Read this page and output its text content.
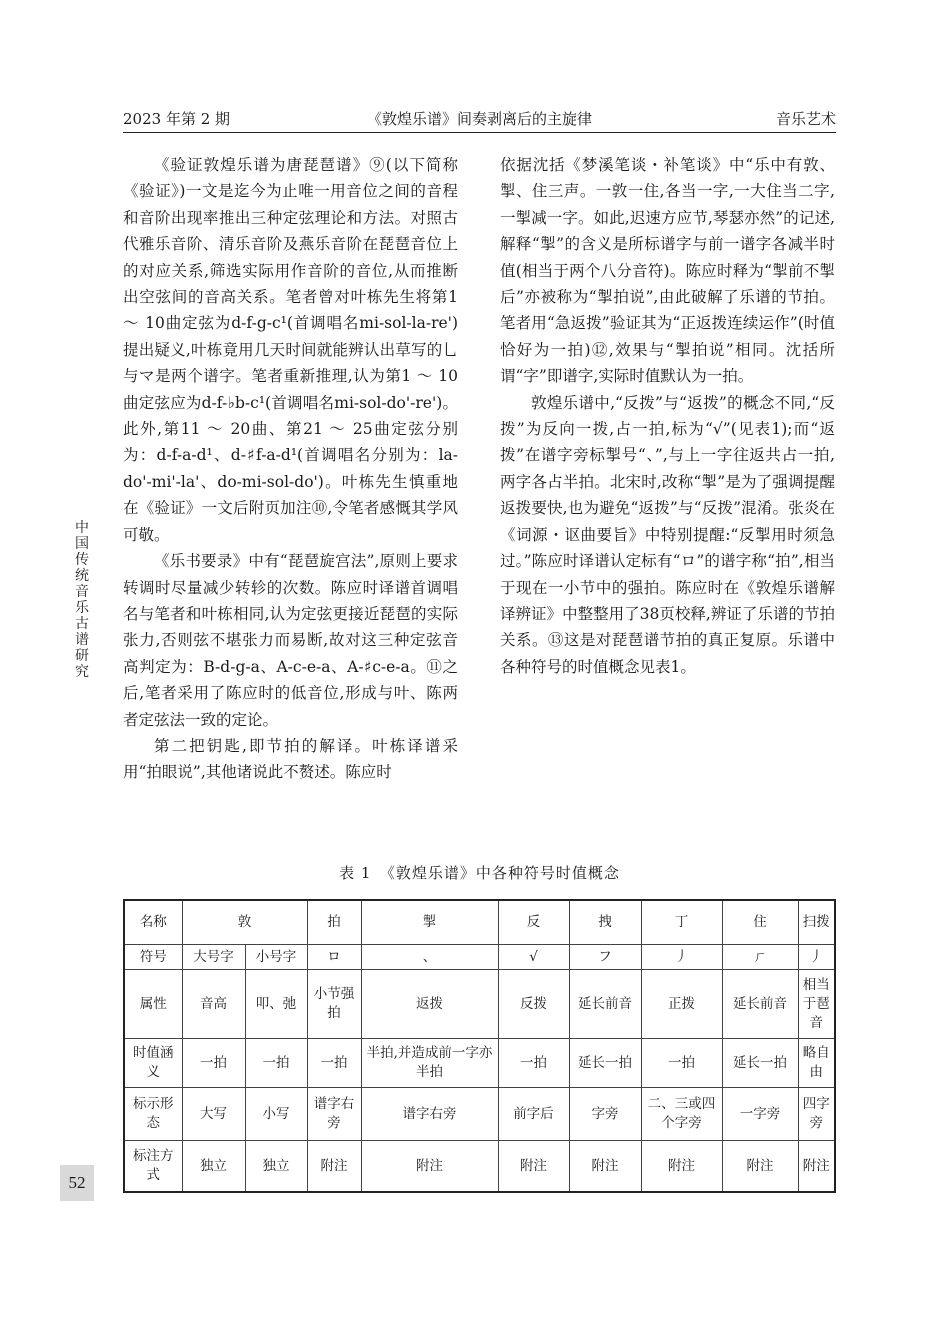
2023 年第 2 期	《敦煌乐谱》间奏剥离后的主旋律	音乐艺术
中国传统音乐古谱研究
52

《验证敦煌乐谱为唐琵琶谱》⑨(以下简称《验证》)一文是迄今为止唯一用音位之间的音程和音阶出现率推出三种定弦理论和方法。对照古代雅乐音阶、清乐音阶及燕乐音阶在琵琶音位上的对应关系,筛选实际用作音阶的音位,从而推断出空弦间的音高关系。笔者曾对叶栋先生将第1 ～ 10曲定弦为d-f-g-c¹(首调唱名mi-sol-la-re')提出疑义,叶栋竟用几天时间就能辨认出草写的乚与マ是两个谱字。笔者重新推理,认为第1 ～ 10曲定弦应为d-f-♭b-c¹(首调唱名mi-sol-do'-re')。此外,第11 ～ 20曲、第21 ～ 25曲定弦分别为：d-f-a-d¹、d-♯f-a-d¹(首调唱名分别为：la-do'-mi'-la'、do-mi-sol-do')。叶栋先生慎重地在《验证》一文后附页加注⑩,令笔者感慨其学风可敬。

《乐书要录》中有“琵琶旋宫法”,原则上要求转调时尽量减少转轸的次数。陈应时译谱首调唱名与笔者和叶栋相同,认为定弦更接近琵琶的实际张力,否则弦不堪张力而易断,故对这三种定弦音高判定为：B-d-g-a、A-c-e-a、A-♯c-e-a。⑪之后,笔者采用了陈应时的低音位,形成与叶、陈两者定弦法一致的定论。

第二把钥匙,即节拍的解译。叶栋译谱采用“拍眼说”,其他诸说此不赘述。陈应时

依据沈括《梦溪笔谈・补笔谈》中“乐中有敦、掣、住三声。一敦一住,各当一字,一大住当二字,一掣减一字。如此,迟速方应节,琴瑟亦然”的记述,解释“掣”的含义是所标谱字与前一谱字各减半时值(相当于两个八分音符)。陈应时释为“掣前不掣后”亦被称为“掣拍说”,由此破解了乐谱的节拍。笔者用“急返拨”验证其为“正返拨连续运作”(时值恰好为一拍)⑫,效果与“掣拍说”相同。沈括所谓“字”即谱字,实际时值默认为一拍。

敦煌乐谱中,“反拨”与“返拨”的概念不同,“反拨”为反向一拨,占一拍,标为“√”(见表1);而“返拨”在谱字旁标掣号“、”,与上一字往返共占一拍,两字各占半拍。北宋时,改称“掣”是为了强调提醒返拨要快,也为避免“返拨”与“反拨”混淆。张炎在《词源・讴曲要旨》中特别提醒:“反掣用时须急过。”陈应时译谱认定标有“ロ”的谱字称“拍”,相当于现在一小节中的强拍。陈应时在《敦煌乐谱解译辨证》中整整用了38页校释,辨证了乐谱的节拍关系。⑬这是对琵琶谱节拍的真正复原。乐谱中各种符号的时值概念见表1。

表 1　《敦煌乐谱》中各种符号时值概念
名称	敦		拍	掣	反	拽	丁	住	扫拨
符号	大号字	小号字	ロ	、	√	フ	丿	ㄏ	丿
属性	音高	叩、弛	小节强拍	返拨	反拨	延长前音	正拨	延长前音	相当于琶音
时值涵义	一拍	一拍	一拍	半拍,并造成前一字亦半拍	一拍	延长一拍	一拍	延长一拍	略自由
标示形态	大写	小写	谱字右旁	谱字右旁	前字后	字旁	二、三或四个字旁	一字旁	四字旁
标注方式	独立	独立	附注	附注	附注	附注	附注	附注	附注
